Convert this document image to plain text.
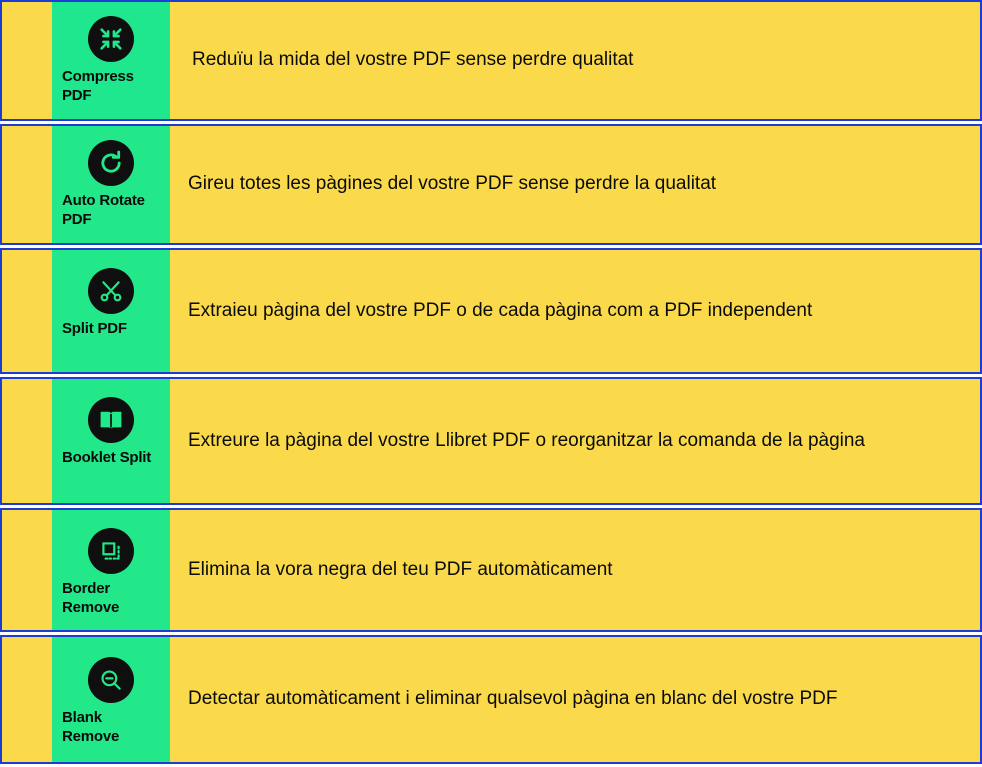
Compress PDF
Reduïu la mida del vostre PDF sense perdre qualitat
Auto Rotate PDF
Gireu totes les pàgines del vostre PDF sense perdre la qualitat
Split PDF
Extraieu pàgina del vostre PDF o de cada pàgina com a PDF independent
Booklet Split
Extreure la pàgina del vostre Llibret PDF o reorganitzar la comanda de la pàgina
Border Remove
Elimina la vora negra del teu PDF automàticament
Blank Remove
Detectar automàticament i eliminar qualsevol pàgina en blanc del vostre PDF
